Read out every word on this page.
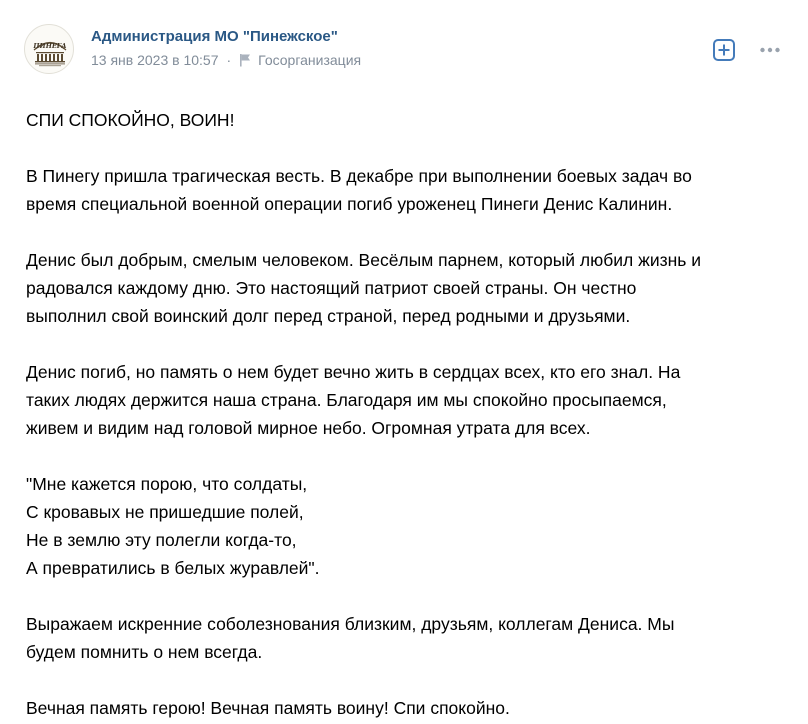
ПИНЕГА
Администрация МО "Пинежское"
13 янв 2023 в 10:57 · Госорганизация

СПИ СПОКОЙНО, ВОИН!

В Пинегу пришла трагическая весть. В декабре при выполнении боевых задач во

время специальной военной операции погиб уроженец Пинеги Денис Калинин.

Денис был добрым, смелым человеком. Весёлым парнем, который любил жизнь и

радовался каждому дню. Это настоящий патриот своей страны. Он честно

выполнил свой воинский долг перед страной, перед родными и друзьями.

Денис погиб, но память о нем будет вечно жить в сердцах всех, кто его знал. На

таких людях держится наша страна. Благодаря им мы спокойно просыпаемся,

живем и видим над головой мирное небо. Огромная утрата для всех.

"Мне кажется порою, что солдаты,

С кровавых не пришедшие полей,

Не в землю эту полегли когда-то,

А превратились в белых журавлей".

Выражаем искренние соболезнования близким, друзьям, коллегам Дениса. Мы

будем помнить о нем всегда.

Вечная память герою! Вечная память воину! Спи спокойно.
